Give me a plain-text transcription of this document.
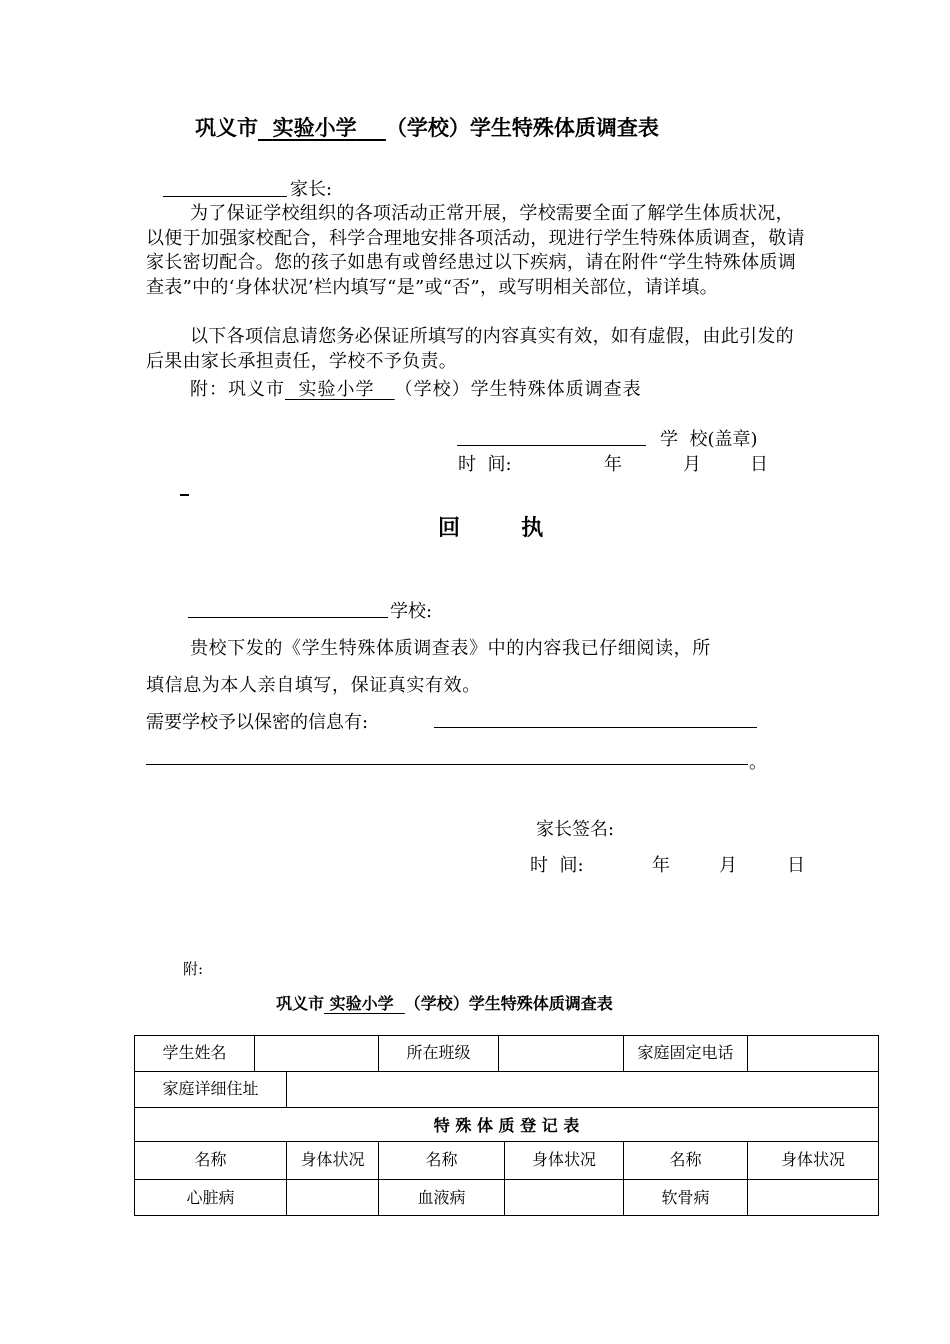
巩义市 实验小学 （学校）学生特殊体质调查表
家长:
为了保证学校组织的各项活动正常开展，学校需要全面了解学生体质状况，以便于加强家校配合，科学合理地安排各项活动，现进行学生特殊体质调查，敬请家长密切配合。您的孩子如患有或曾经患过以下疾病，请在附件“学生特殊体质调查表”中的‘身体状况’栏内填写“是”或“否”，或写明相关部位，请详填。
以下各项信息请您务必保证所填写的内容真实有效，如有虚假，由此引发的后果由家长承担责任，学校不予负责。
附：巩义市 实验小学 （学校）学生特殊体质调查表
学  校(盖章)
时  间:	年	月	日
回        执
学校:
贵校下发的《学生特殊体质调查表》中的内容我已仔细阅读，所
填信息为本人亲自填写，保证真实有效。
需要学校予以保密的信息有:
。
家长签名:
时  间:	年	月	日
附:
巩义市 实验小学 （学校）学生特殊体质调查表
学生姓名			所在班级			家庭固定电话	
家庭详细住址							
特 殊 体 质 登 记 表							
名称		身体状况	名称		身体状况	名称	身体状况
心脏病			血液病			软骨病	
